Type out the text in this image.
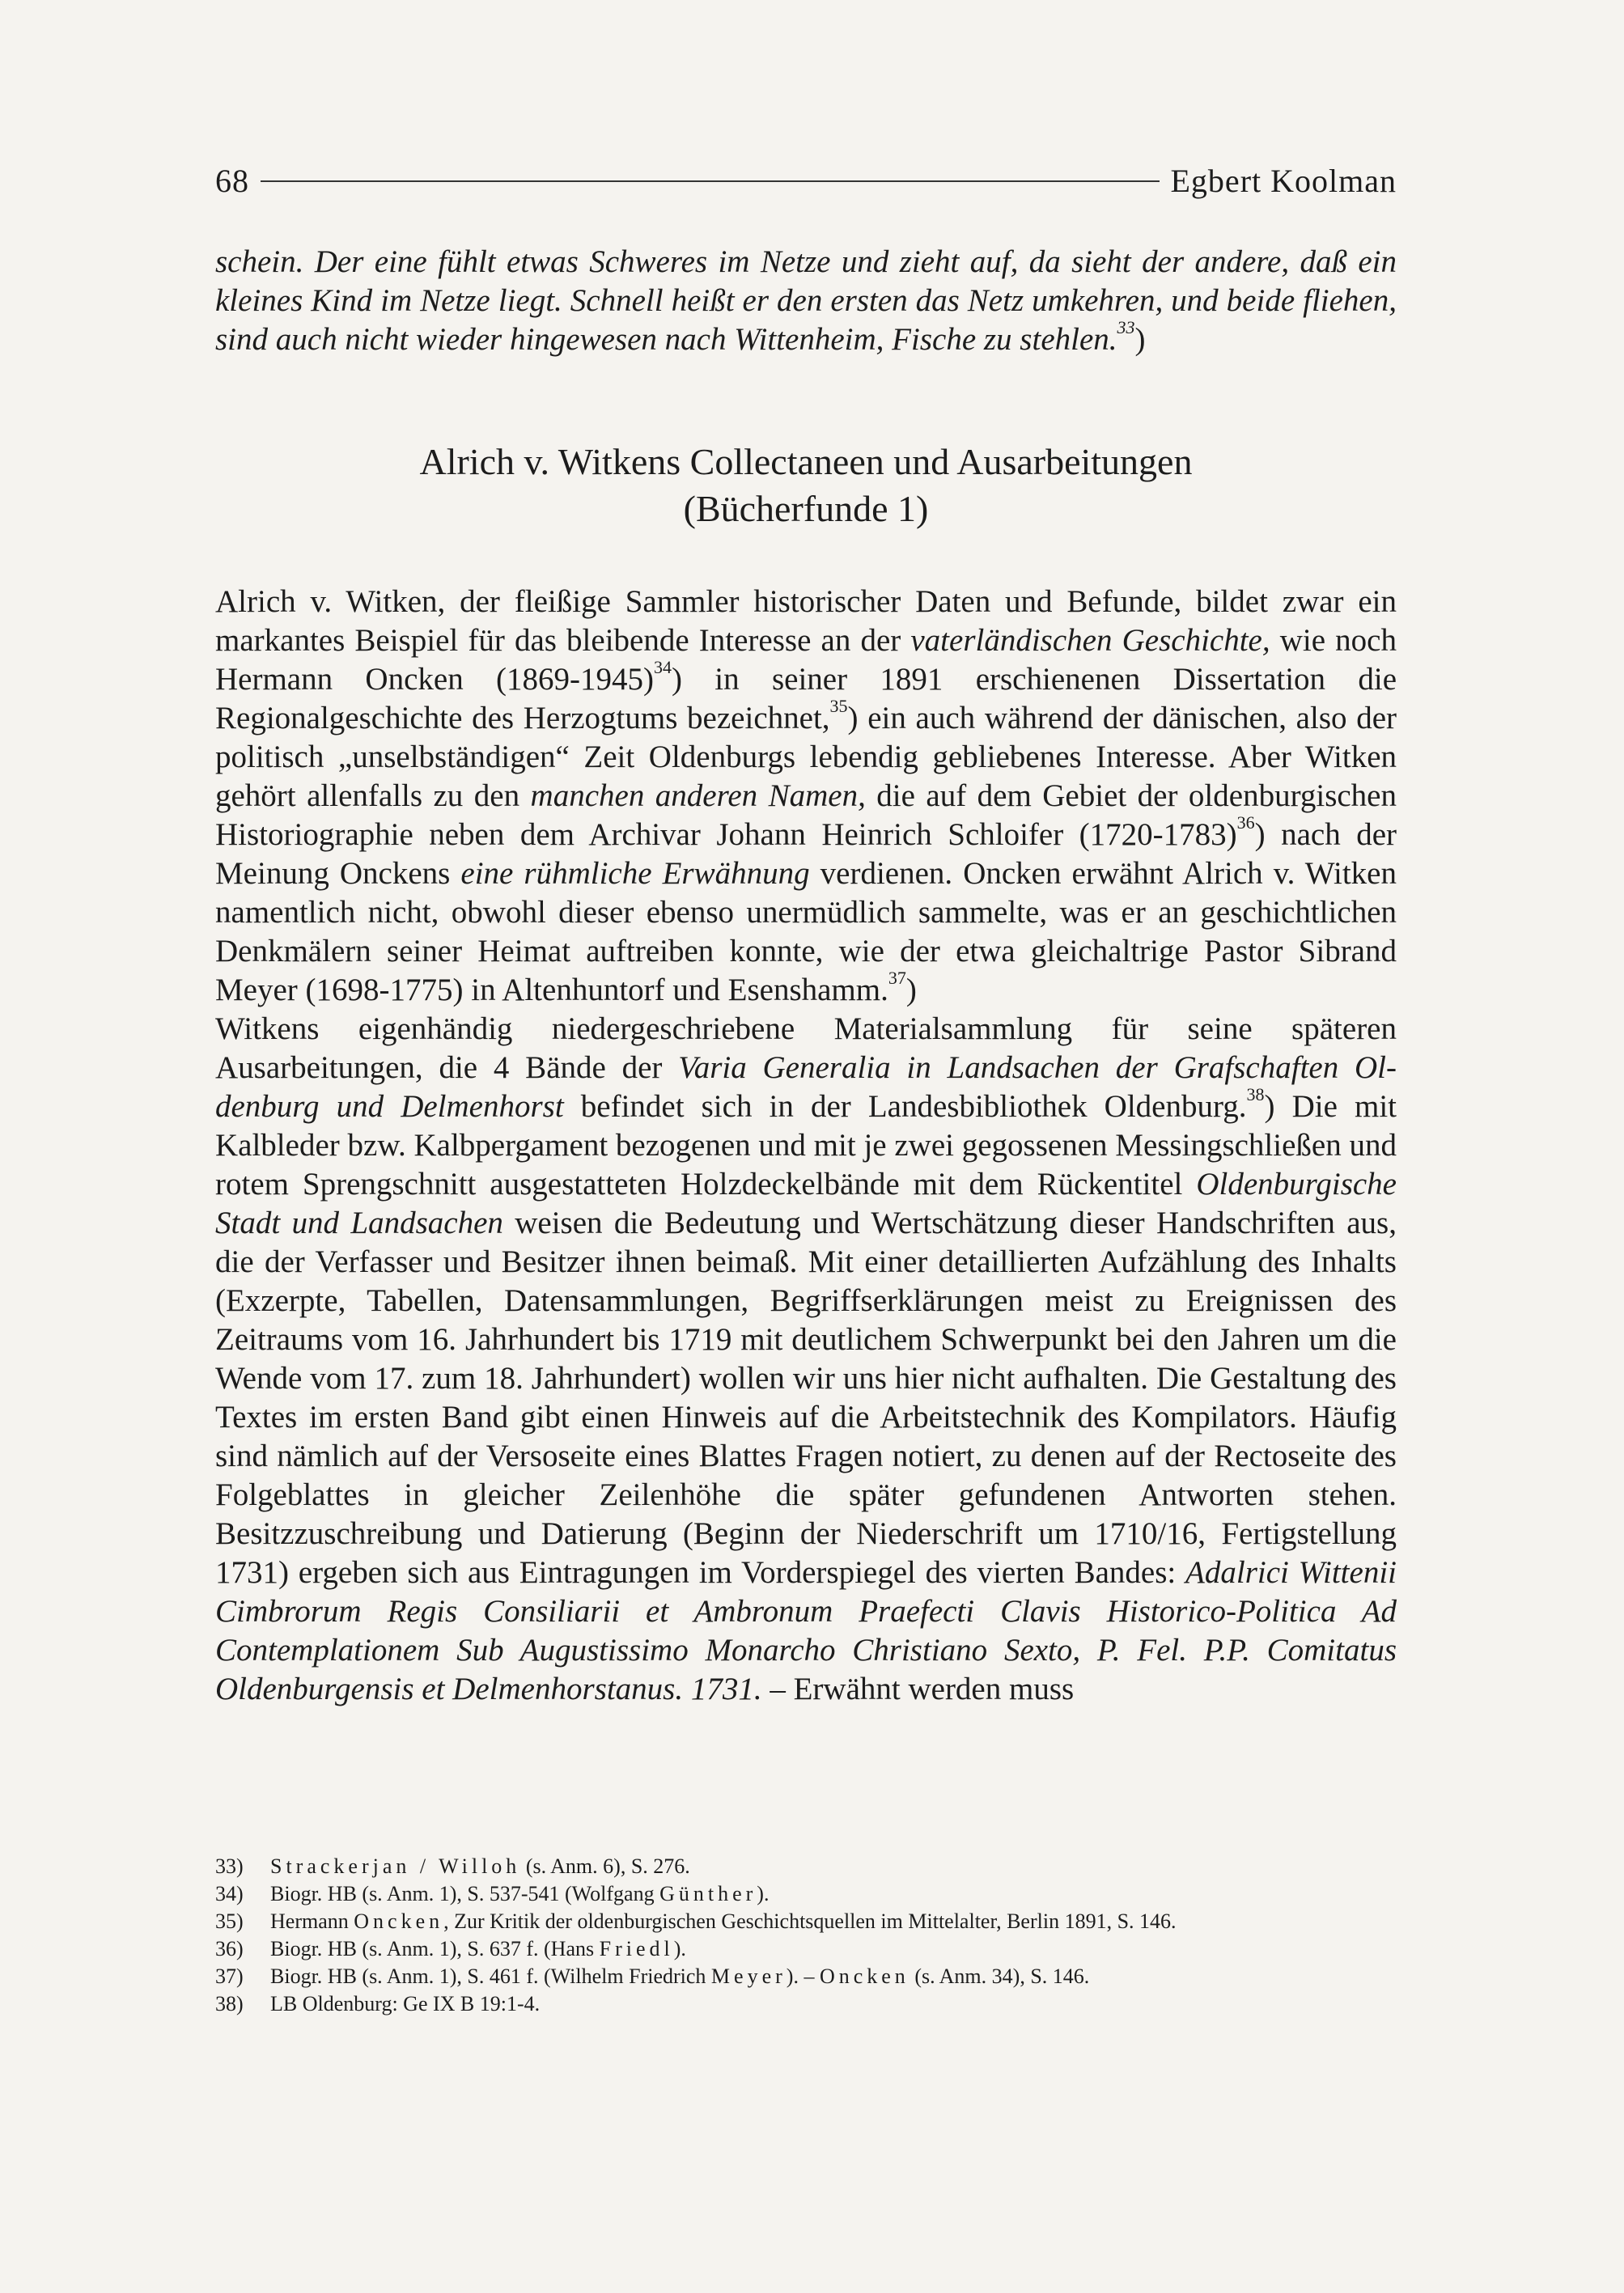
68	Egbert Koolman
schein. Der eine fühlt etwas Schweres im Netze und zieht auf, da sieht der andere, daß ein kleines Kind im Netze liegt. Schnell heißt er den ersten das Netz umkehren, und beide fliehen, sind auch nicht wieder hingewesen nach Wittenheim, Fische zu stehlen.$^{33}$)
Alrich v. Witkens Collectaneen und Ausarbeitungen
(Bücherfunde 1)

Alrich v. Witken, der fleißige Sammler historischer Daten und Befunde, bildet zwar ein markantes Beispiel für das bleibende Interesse an der vaterländischen Geschichte, wie noch Hermann Oncken (1869-1945)$^{34}$) in seiner 1891 erschienenen Dissertation die Regionalgeschichte des Herzogtums bezeichnet,$^{35}$) ein auch während der dänischen, also der politisch „unselbständigen“ Zeit Oldenburgs lebendig gebliebenes Interesse. Aber Witken gehört allenfalls zu den manchen anderen Namen, die auf dem Gebiet der oldenburgischen Historiographie neben dem Archivar Johann Heinrich Schloifer (1720-1783)$^{36}$) nach der Meinung Onckens eine rühmliche Erwähnung verdienen. Oncken erwähnt Alrich v. Witken namentlich nicht, obwohl dieser ebenso unermüdlich sammelte, was er an geschichtlichen Denkmälern seiner Heimat auftreiben konnte, wie der etwa gleichaltrige Pastor Sibrand Meyer (1698-1775) in Altenhuntorf und Esenshamm.$^{37}$)

Witkens eigenhändig niedergeschriebene Materialsammlung für seine späteren Ausarbeitungen, die 4 Bände der Varia Generalia in Landsachen der Grafschaften Oldenburg und Delmenhorst befindet sich in der Landesbibliothek Oldenburg.$^{38}$) Die mit Kalbleder bzw. Kalbpergament bezogenen und mit je zwei gegossenen Messingschließen und rotem Sprengschnitt ausgestatteten Holzdeckelbände mit dem Rückentitel Oldenburgische Stadt und Landsachen weisen die Bedeutung und Wertschätzung dieser Handschriften aus, die der Verfasser und Besitzer ihnen beimaß. Mit einer detaillierten Aufzählung des Inhalts (Exzerpte, Tabellen, Datensammlungen, Begriffserklärungen meist zu Ereignissen des Zeitraums vom 16. Jahrhundert bis 1719 mit deutlichem Schwerpunkt bei den Jahren um die Wende vom 17. zum 18. Jahrhundert) wollen wir uns hier nicht aufhalten. Die Gestaltung des Textes im ersten Band gibt einen Hinweis auf die Arbeitstechnik des Kompilators. Häufig sind nämlich auf der Versoseite eines Blattes Fragen notiert, zu denen auf der Rectoseite des Folgeblattes in gleicher Zeilenhöhe die später gefundenen Antworten stehen. Besitzzuschreibung und Datierung (Beginn der Niederschrift um 1710/16, Fertigstellung 1731) ergeben sich aus Eintragungen im Vorderspiegel des vierten Bandes: Adalrici Wittenii Cimbrorum Regis Consiliarii et Ambronum Praefecti Clavis Historico-Politica Ad Contemplationem Sub Augustissimo Monarcho Christiano Sexto, P. Fel. P.P. Comitatus Oldenburgensis et Delmenhorstanus. 1731. – Erwähnt werden muss

33)	Strackerjan / Willoh (s. Anm. 6), S. 276.
34)	Biogr. HB (s. Anm. 1), S. 537-541 (Wolfgang Günther).
35)	Hermann Oncken, Zur Kritik der oldenburgischen Geschichtsquellen im Mittelalter, Berlin 1891, S. 146.
36)	Biogr. HB (s. Anm. 1), S. 637 f. (Hans Friedl).
37)	Biogr. HB (s. Anm. 1), S. 461 f. (Wilhelm Friedrich Meyer). – Oncken (s. Anm. 34), S. 146.
38)	LB Oldenburg: Ge IX B 19:1-4.
